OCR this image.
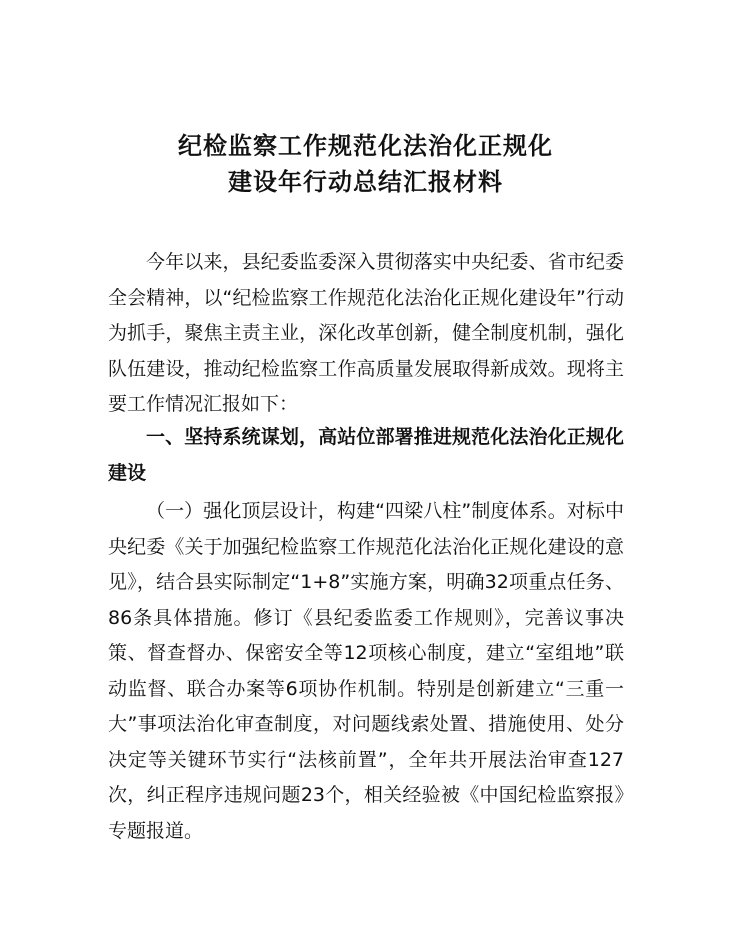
纪检监察工作规范化法治化正规化
建设年行动总结汇报材料

今年以来，县纪委监委深入贯彻落实中央纪委、省市纪委全会精神，以“纪检监察工作规范化法治化正规化建设年”行动为抓手，聚焦主责主业，深化改革创新，健全制度机制，强化队伍建设，推动纪检监察工作高质量发展取得新成效。现将主要工作情况汇报如下：

一、坚持系统谋划，高站位部署推进规范化法治化正规化建设

（一）强化顶层设计，构建“四梁八柱”制度体系。对标中央纪委《关于加强纪检监察工作规范化法治化正规化建设的意见》，结合县实际制定“1+8”实施方案，明确32项重点任务、86条具体措施。修订《县纪委监委工作规则》，完善议事决策、督查督办、保密安全等12项核心制度，建立“室组地”联动监督、联合办案等6项协作机制。特别是创新建立“三重一大”事项法治化审查制度，对问题线索处置、措施使用、处分决定等关键环节实行“法核前置”，全年共开展法治审查127次，纠正程序违规问题23个，相关经验被《中国纪检监察报》专题报道。
